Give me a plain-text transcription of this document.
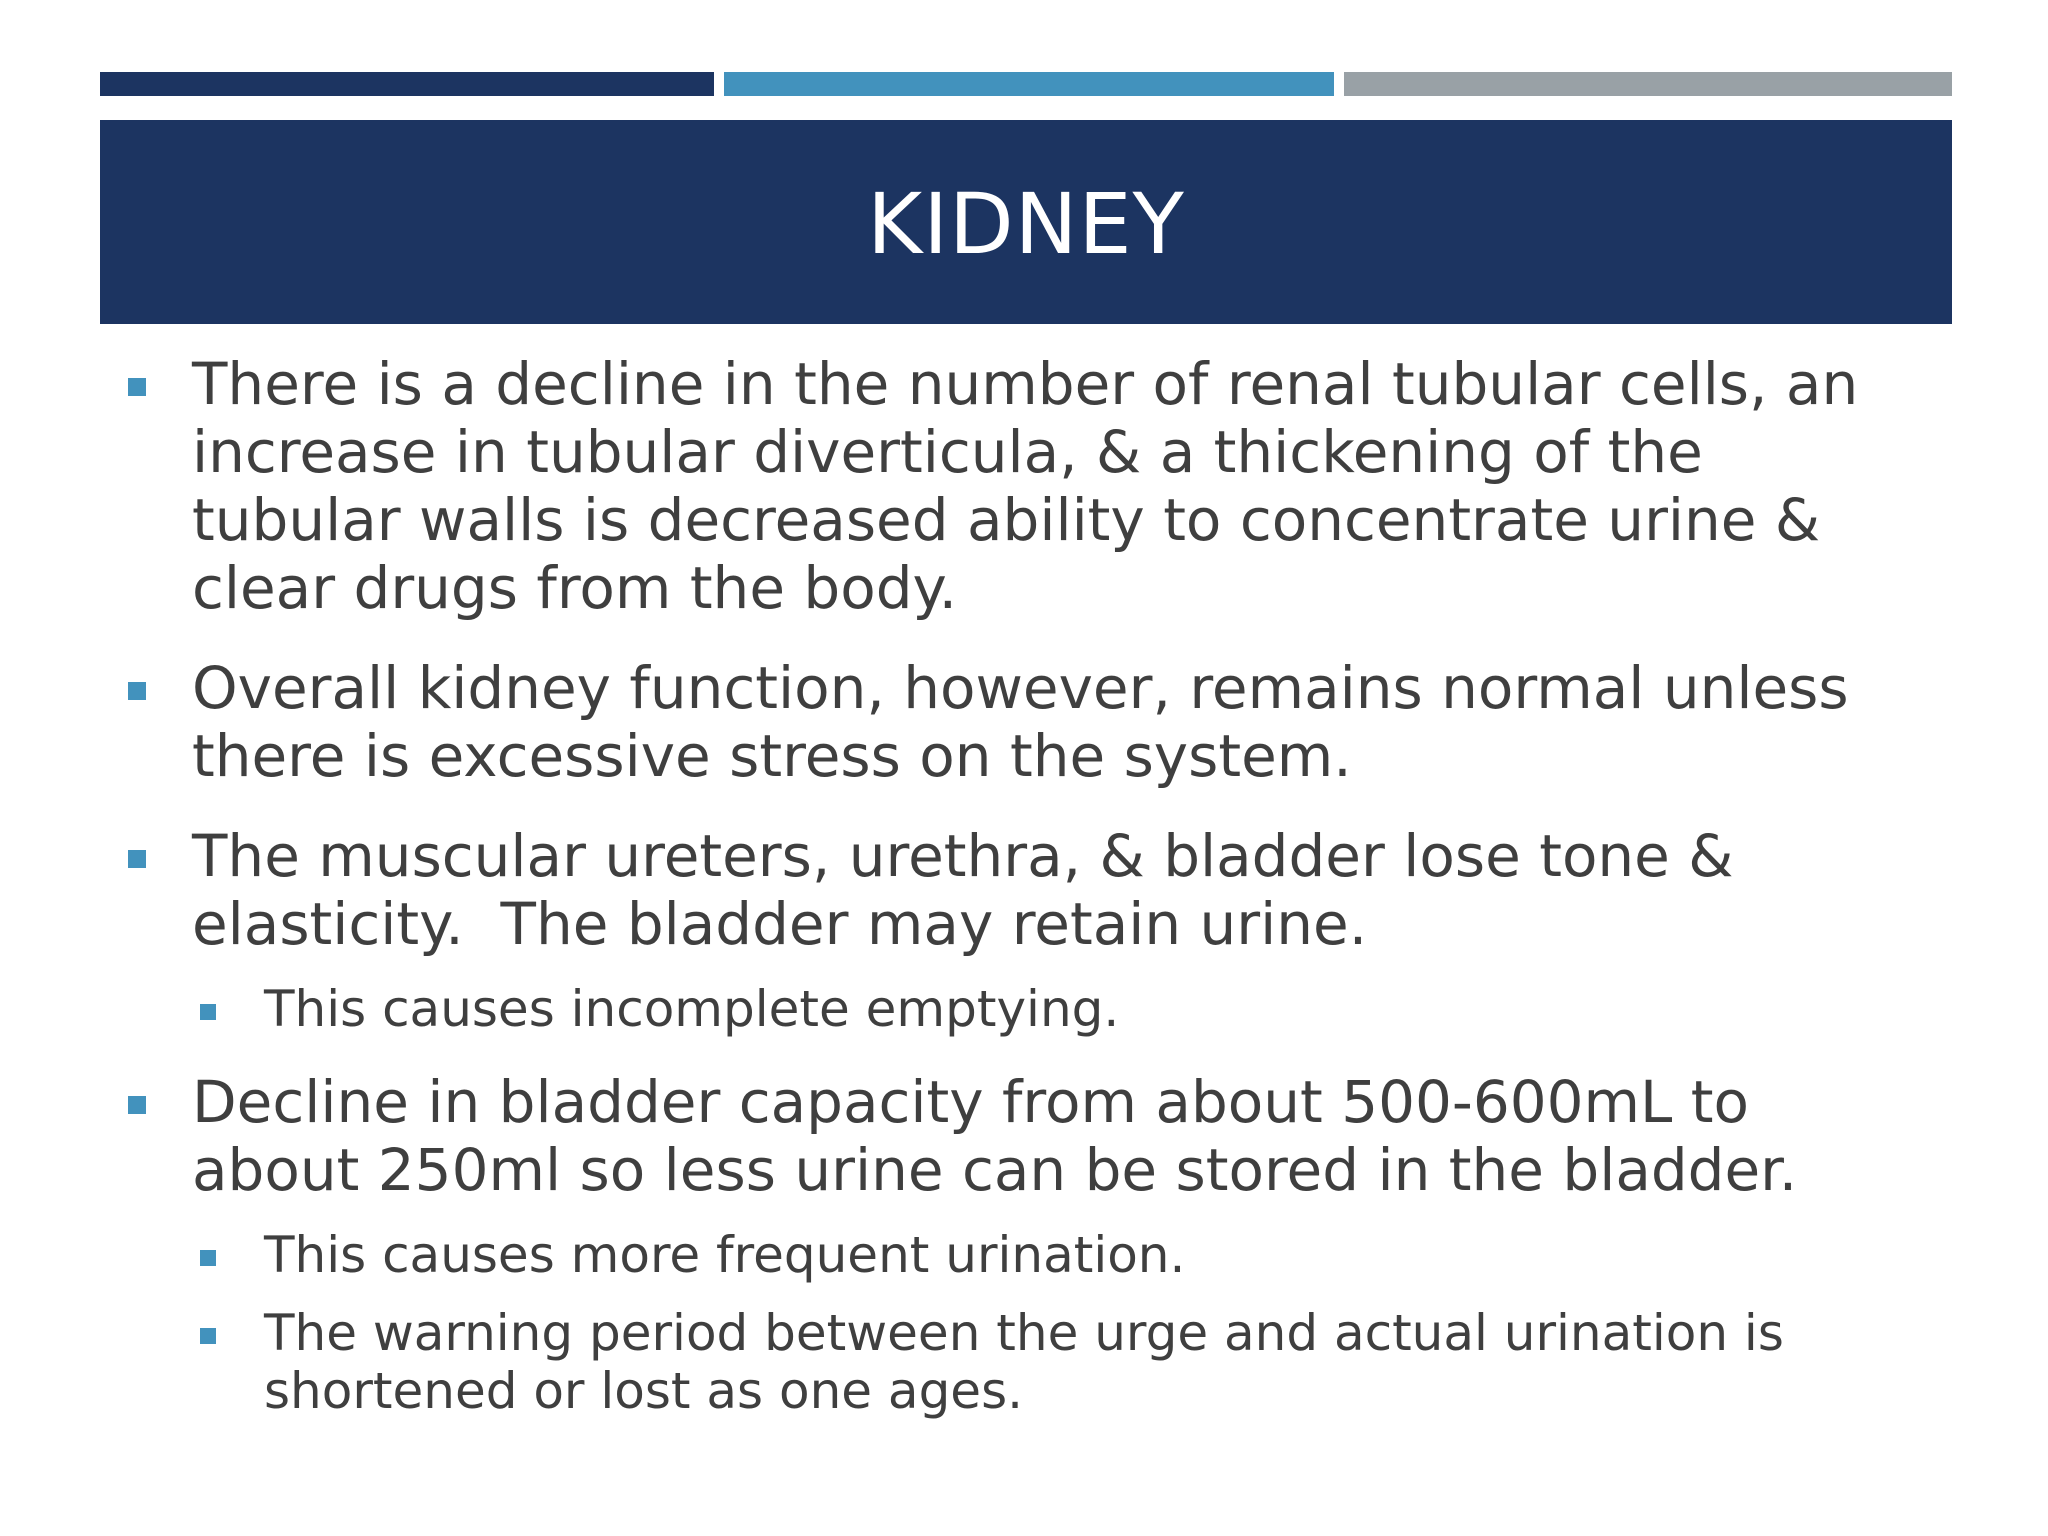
KIDNEY
There is a decline in the number of renal tubular cells, an increase in tubular diverticula, & a thickening of the tubular walls is decreased ability to concentrate urine & clear drugs from the body.
Overall kidney function, however, remains normal unless there is excessive stress on the system.
The muscular ureters, urethra, & bladder lose tone & elasticity.  The bladder may retain urine.
This causes incomplete emptying.
Decline in bladder capacity from about 500-600mL to about 250ml so less urine can be stored in the bladder.
This causes more frequent urination.
The warning period between the urge and actual urination is shortened or lost as one ages.
